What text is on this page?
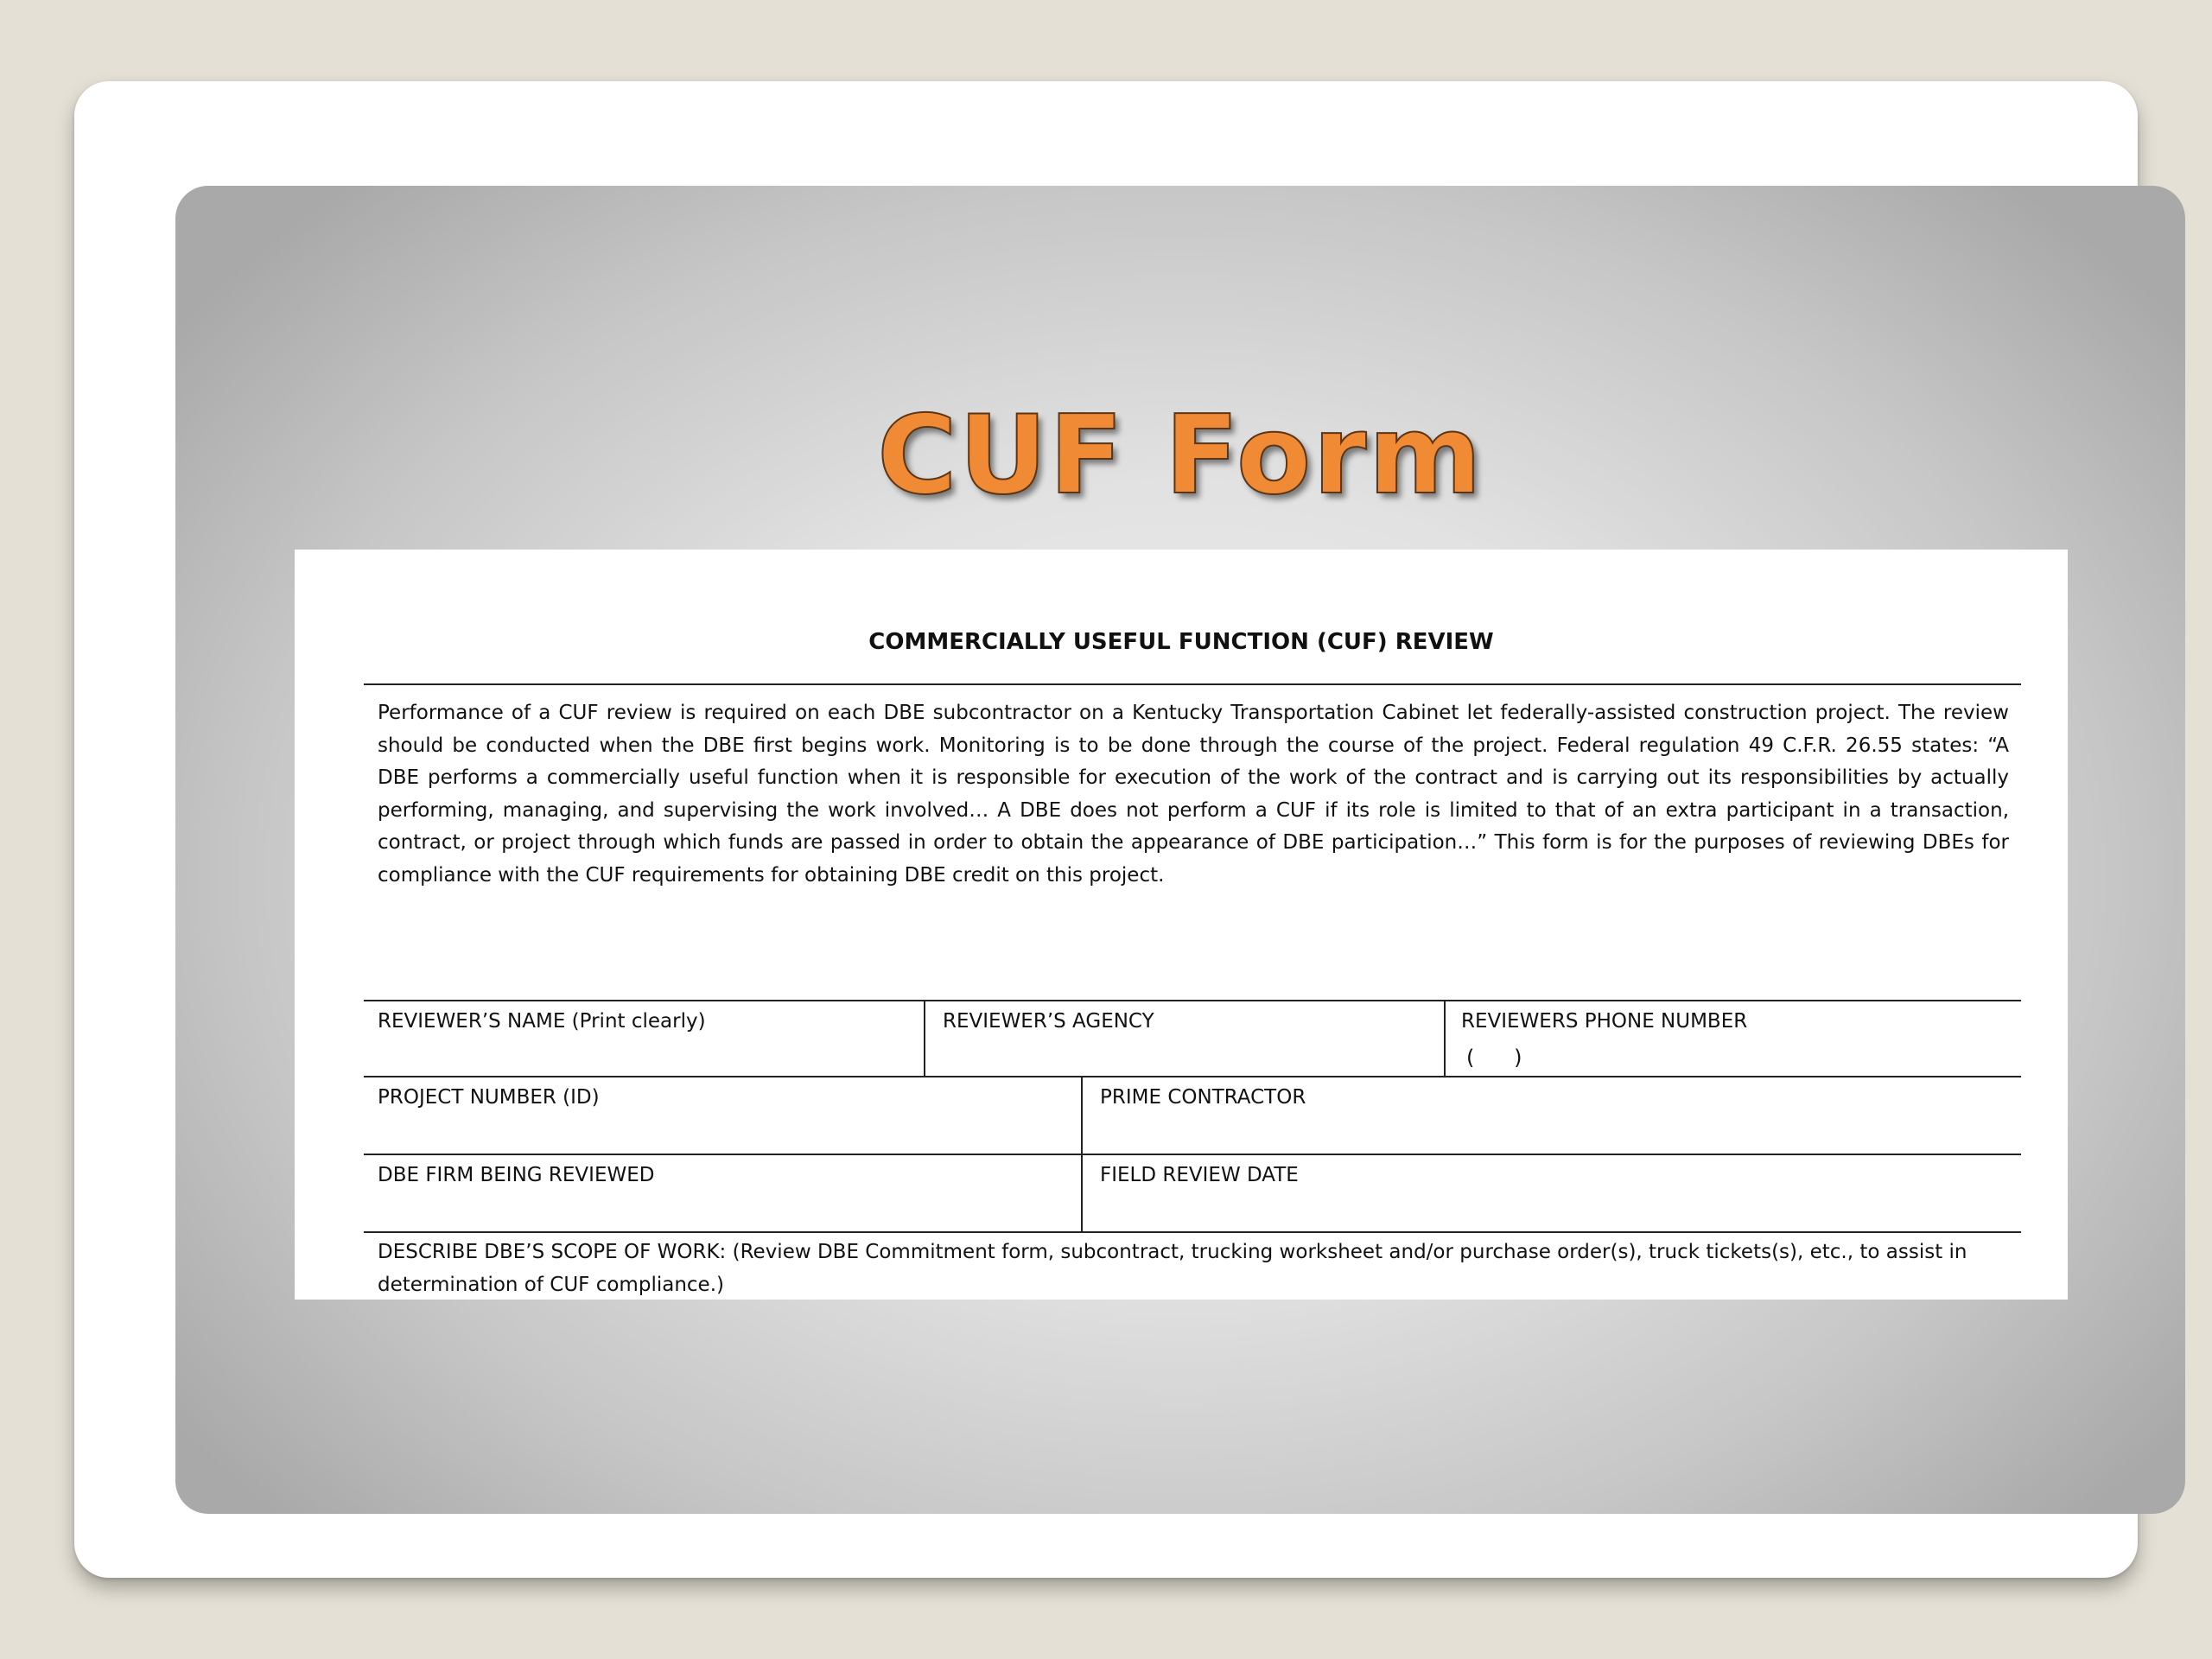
CUF Form
COMMERCIALLY USEFUL FUNCTION (CUF) REVIEW
Performance of a CUF review is required on each DBE subcontractor on a Kentucky Transportation Cabinet let federally-assisted construction project. The review
should be conducted when the DBE first begins work. Monitoring is to be done through the course of the project. Federal regulation 49 C.F.R. 26.55 states: “A
DBE performs a commercially useful function when it is responsible for execution of the work of the contract and is carrying out its responsibilities by actually
performing, managing, and supervising the work involved… A DBE does not perform a CUF if its role is limited to that of an extra participant in a transaction,
contract, or project through which funds are passed in order to obtain the appearance of DBE participation…” This form is for the purposes of reviewing DBEs for
compliance with the CUF requirements for obtaining DBE credit on this project.
REVIEWER’S NAME (Print clearly)	REVIEWER’S AGENCY	REVIEWERS PHONE NUMBER
(      )
PROJECT NUMBER (ID)	PRIME CONTRACTOR
DBE FIRM BEING REVIEWED	FIELD REVIEW DATE
DESCRIBE DBE’S SCOPE OF WORK: (Review DBE Commitment form, subcontract, trucking worksheet and/or purchase order(s), truck tickets(s), etc., to assist in
determination of CUF compliance.)
